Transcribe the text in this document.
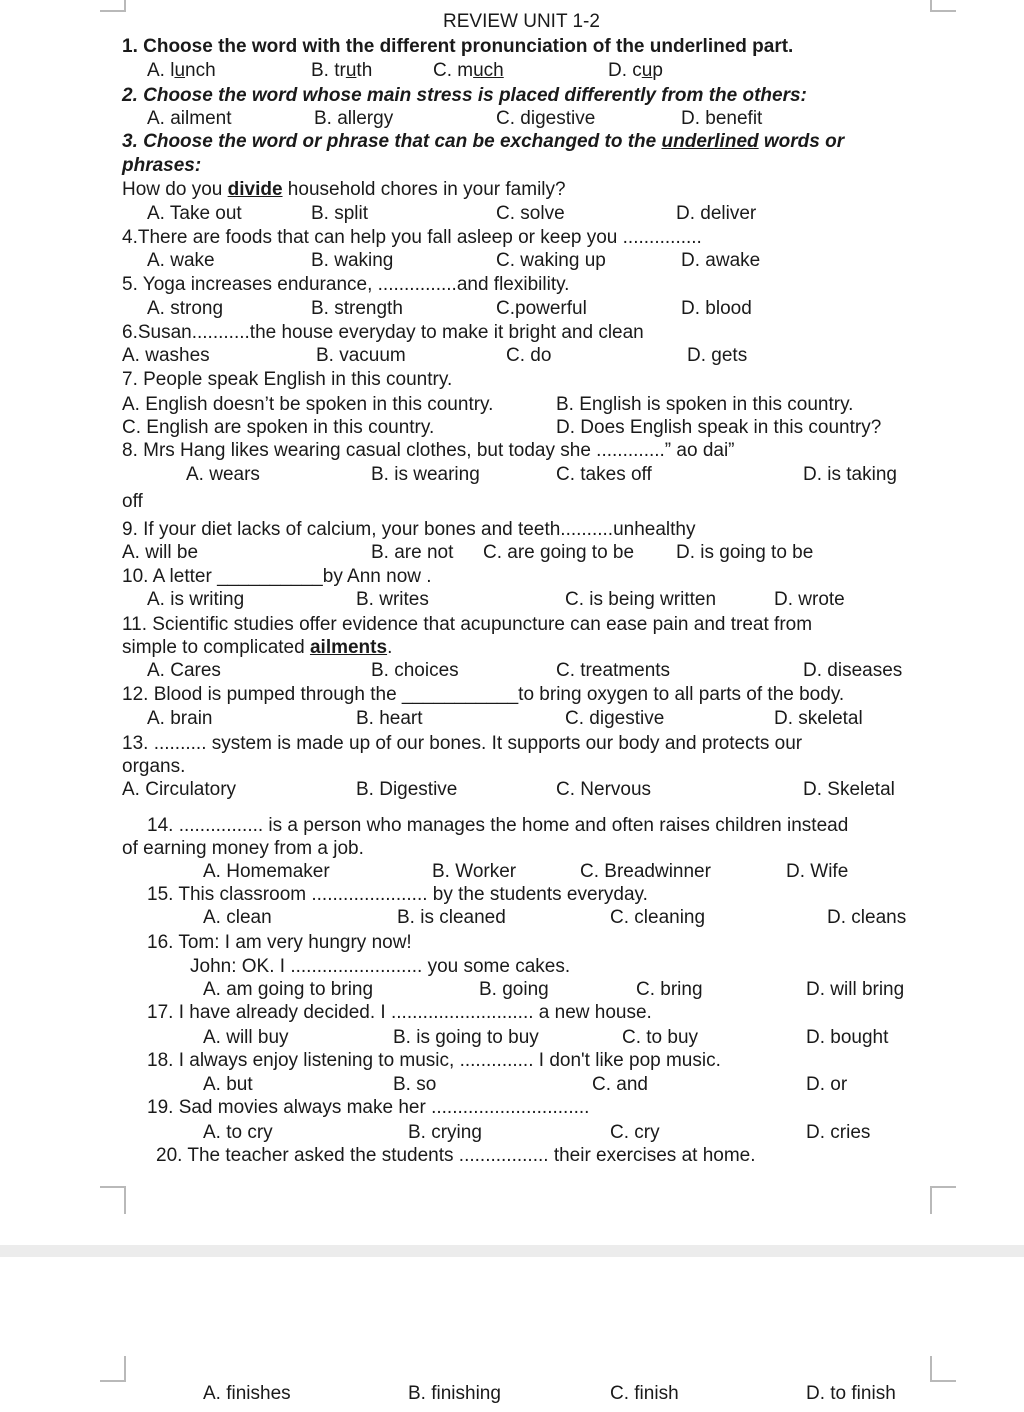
REVIEW UNIT 1-2
1. Choose the word with the different pronunciation of the underlined part.
A. lunch	B. truth	C. much	D. cup
2. Choose the word whose main stress is placed differently from the others:
A. ailment	B. allergy	C. digestive	D. benefit
3. Choose the word or phrase that can be exchanged to the underlined words or
phrases:
How do you divide household chores in your family?
A. Take out	B. split	C. solve	D. deliver
4.There are foods that can help you fall asleep or keep you ...............
A. wake	B. waking	C. waking up	D. awake
5. Yoga increases endurance, ...............and flexibility.
A. strong	B. strength	C.powerful	D. blood
6.Susan...........the house everyday to make it bright and clean
A. washes	B. vacuum	C. do	D. gets
7. People speak English in this country.
A. English doesn’t be spoken in this country.	B. English is spoken in this country.
C. English are spoken in this country.	D. Does English speak in this country?
8. Mrs Hang likes wearing casual clothes, but today she .............” ao dai”
A. wears	B. is wearing	C. takes off	D. is taking
off
9. If your diet lacks of calcium, your bones and teeth..........unhealthy
A. will be	B. are not C. are going to be D. is going to be
10. A letter __________by Ann now .
A. is writing	B. writes	C. is being written	D. wrote
11. Scientific studies offer evidence that acupuncture can ease pain and treat from
simple to complicated ailments.
A. Cares	B. choices	C. treatments	D. diseases
12. Blood is pumped through the ___________to bring oxygen to all parts of the body.
A. brain	B. heart	C. digestive	D. skeletal
13. .......... system is made up of our bones. It supports our body and protects our
organs.
A. Circulatory	B. Digestive	C. Nervous	D. Skeletal
14. ................ is a person who manages the home and often raises children instead
of earning money from a job.
A. Homemaker	B. Worker	C. Breadwinner	D. Wife
15. This classroom ...................... by the students everyday.
A. clean	B. is cleaned	C. cleaning	D. cleans
16. Tom: I am very hungry now!
John: OK. I ......................... you some cakes.
A. am going to bring	B. going	C. bring	D. will bring
17. I have already decided. I ........................... a new house.
A. will buy	B. is going to buy	C. to buy	D. bought
18. I always enjoy listening to music, .............. I don't like pop music.
A. but	B. so	C. and	D. or
19. Sad movies always make her ..............................
A. to cry	B. crying	C. cry	D. cries
20. The teacher asked the students ................. their exercises at home.
A. finishes	B. finishing	C. finish	D. to finish
